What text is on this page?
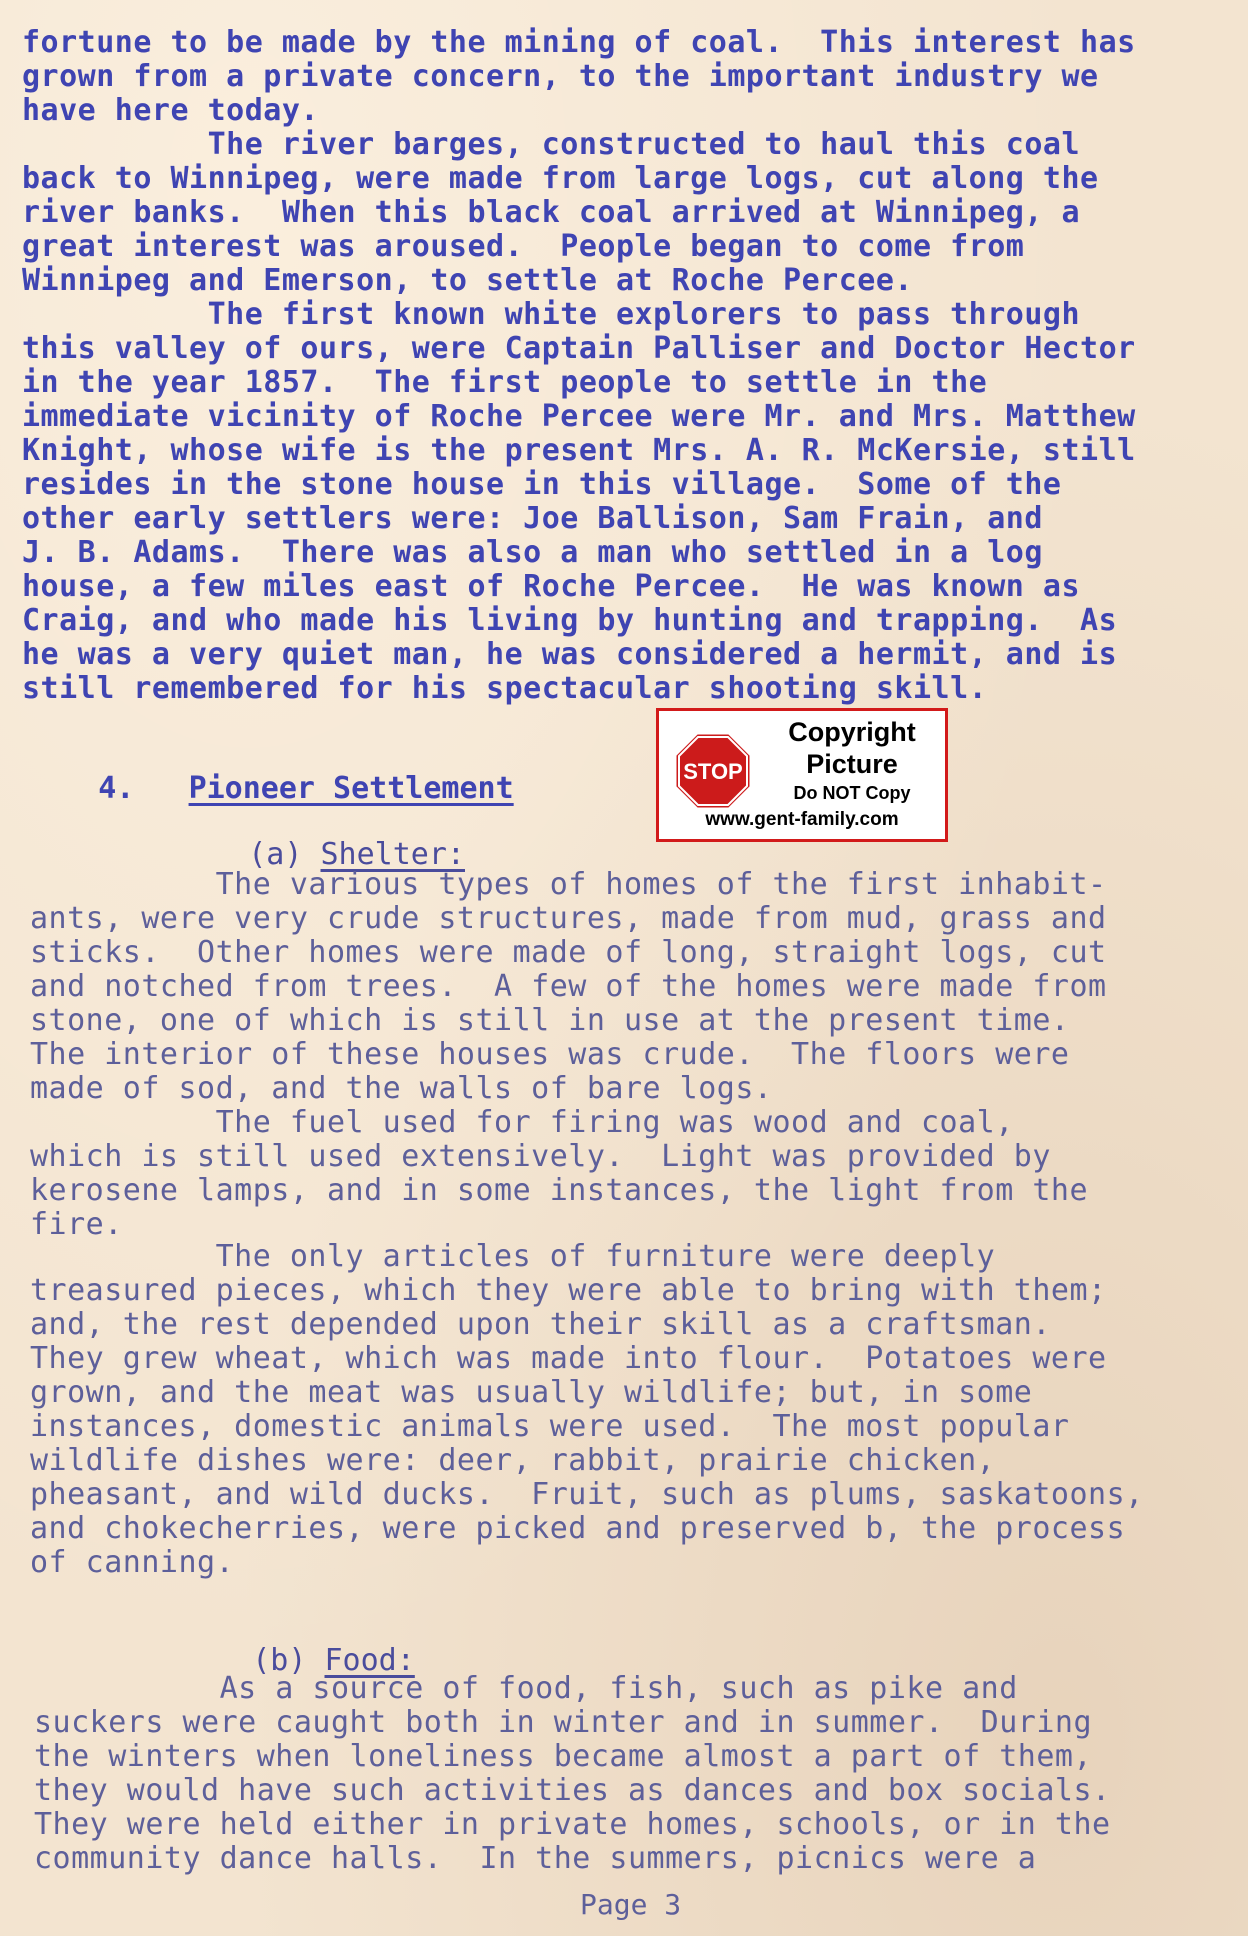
fortune to be made by the mining of coal.  This interest has
grown from a private concern, to the important industry we
have here today.
The river barges, constructed to haul this coal
back to Winnipeg, were made from large logs, cut along the
river banks.  When this black coal arrived at Winnipeg, a
great interest was aroused.  People began to come from
Winnipeg and Emerson, to settle at Roche Percee.
The first known white explorers to pass through
this valley of ours, were Captain Palliser and Doctor Hector
in the year 1857.  The first people to settle in the
immediate vicinity of Roche Percee were Mr. and Mrs. Matthew
Knight, whose wife is the present Mrs. A. R. McKersie, still
resides in the stone house in this village.  Some of the
other early settlers were: Joe Ballison, Sam Frain, and
J. B. Adams.  There was also a man who settled in a log
house, a few miles east of Roche Percee.  He was known as
Craig, and who made his living by hunting and trapping.  As
he was a very quiet man, he was considered a hermit, and is
still remembered for his spectacular shooting skill.

4. Pioneer Settlement
	STOP
Copyright
Picture
Do NOT Copy
www.gent-family.com

(a) Shelter:

The various types of homes of the first inhabit-
ants, were very crude structures, made from mud, grass and
sticks.  Other homes were made of long, straight logs, cut
and notched from trees.  A few of the homes were made from
stone, one of which is still in use at the present time.
The interior of these houses was crude.  The floors were
made of sod, and the walls of bare logs.
The fuel used for firing was wood and coal,
which is still used extensively.  Light was provided by
kerosene lamps, and in some instances, the light from the
fire.
The only articles of furniture were deeply
treasured pieces, which they were able to bring with them;
and, the rest depended upon their skill as a craftsman.
They grew wheat, which was made into flour.  Potatoes were
grown, and the meat was usually wildlife; but, in some
instances, domestic animals were used.  The most popular
wildlife dishes were: deer, rabbit, prairie chicken,
pheasant, and wild ducks.  Fruit, such as plums, saskatoons,
and chokecherries, were picked and preserved b, the process
of canning.

(b) Food:

As a source of food, fish, such as pike and
suckers were caught both in winter and in summer.  During
the winters when loneliness became almost a part of them,
they would have such activities as dances and box socials.
They were held either in private homes, schools, or in the
community dance halls.  In the summers, picnics were a
Page 3
